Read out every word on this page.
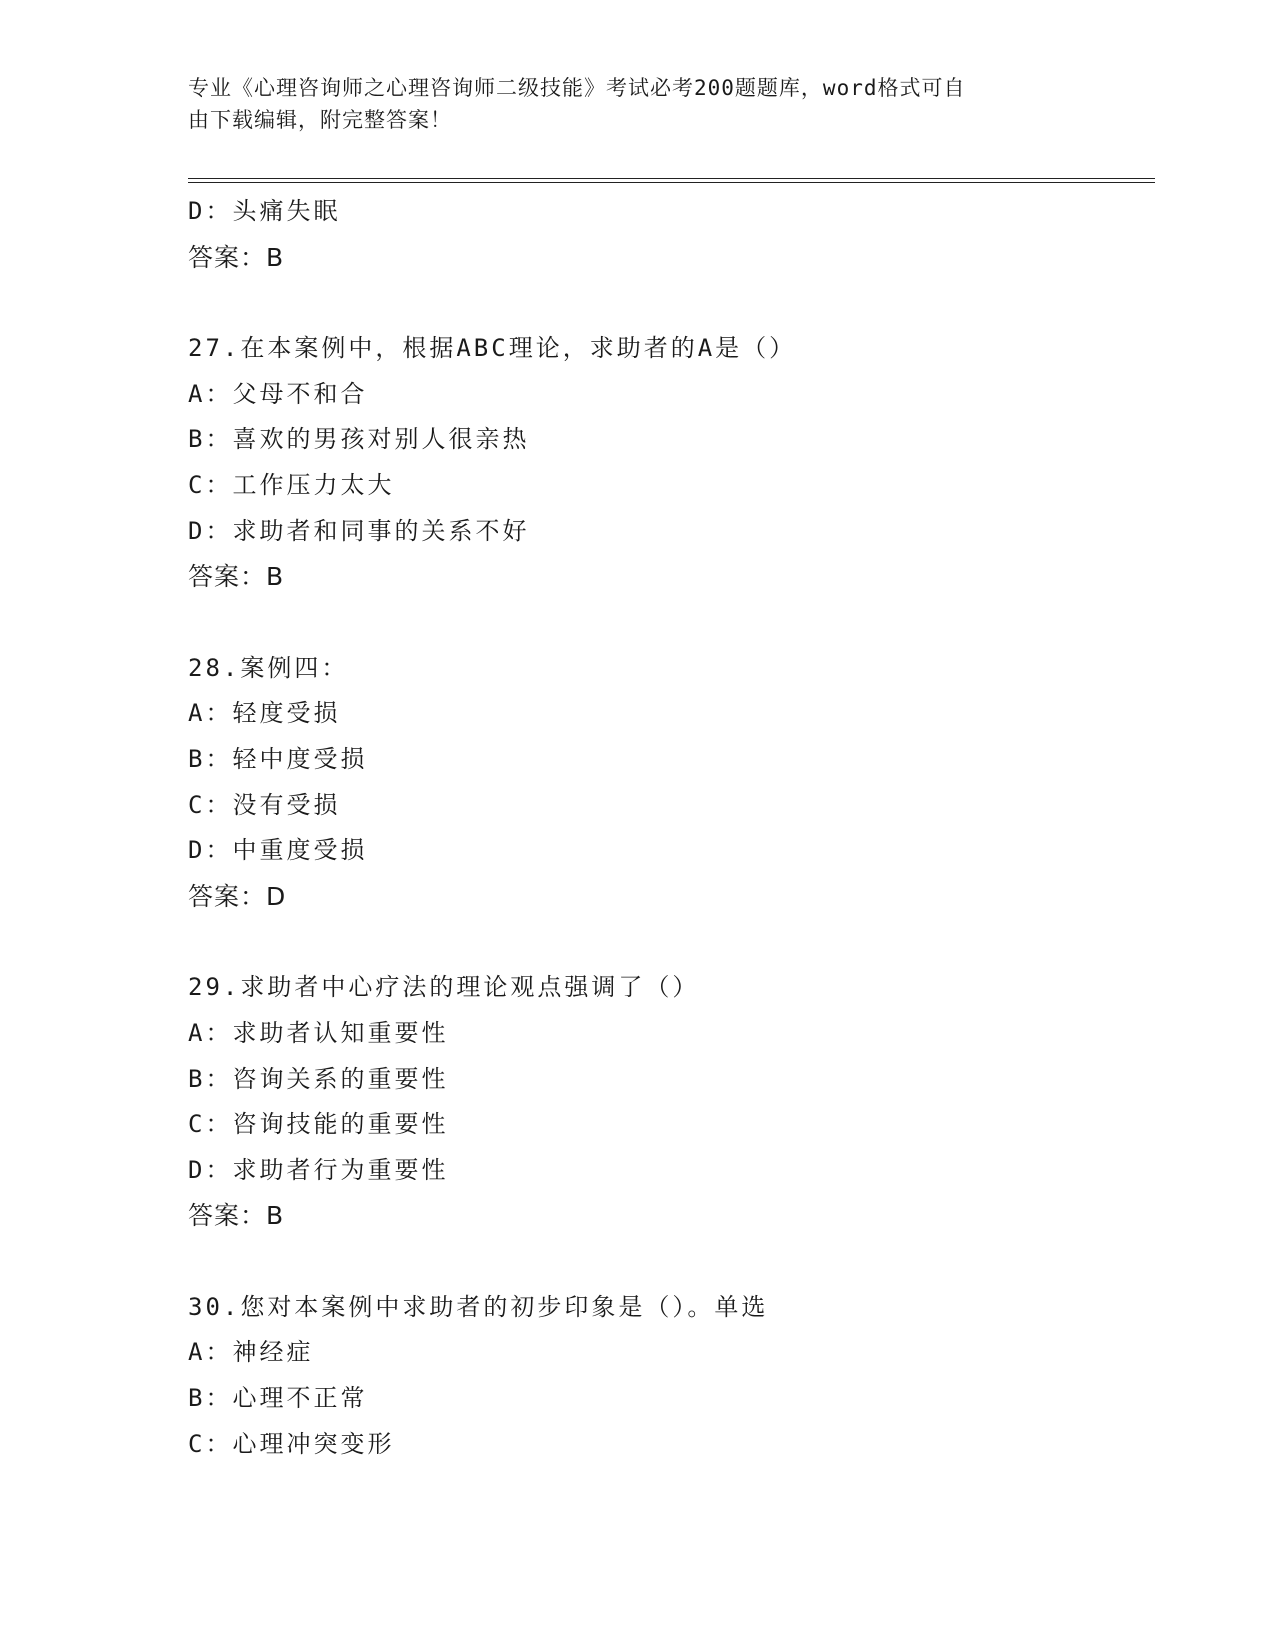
专业《心理咨询师之心理咨询师二级技能》考试必考200题题库，word格式可自
由下载编辑，附完整答案！
D：头痛失眠
答案：B
27.在本案例中，根据ABC理论，求助者的A是（）
A：父母不和合
B：喜欢的男孩对别人很亲热
C：工作压力太大
D：求助者和同事的关系不好
答案：B
28.案例四：
A：轻度受损
B：轻中度受损
C：没有受损
D：中重度受损
答案：D
29.求助者中心疗法的理论观点强调了（）
A：求助者认知重要性
B：咨询关系的重要性
C：咨询技能的重要性
D：求助者行为重要性
答案：B
30.您对本案例中求助者的初步印象是（）。单选
A：神经症
B：心理不正常
C：心理冲突变形
